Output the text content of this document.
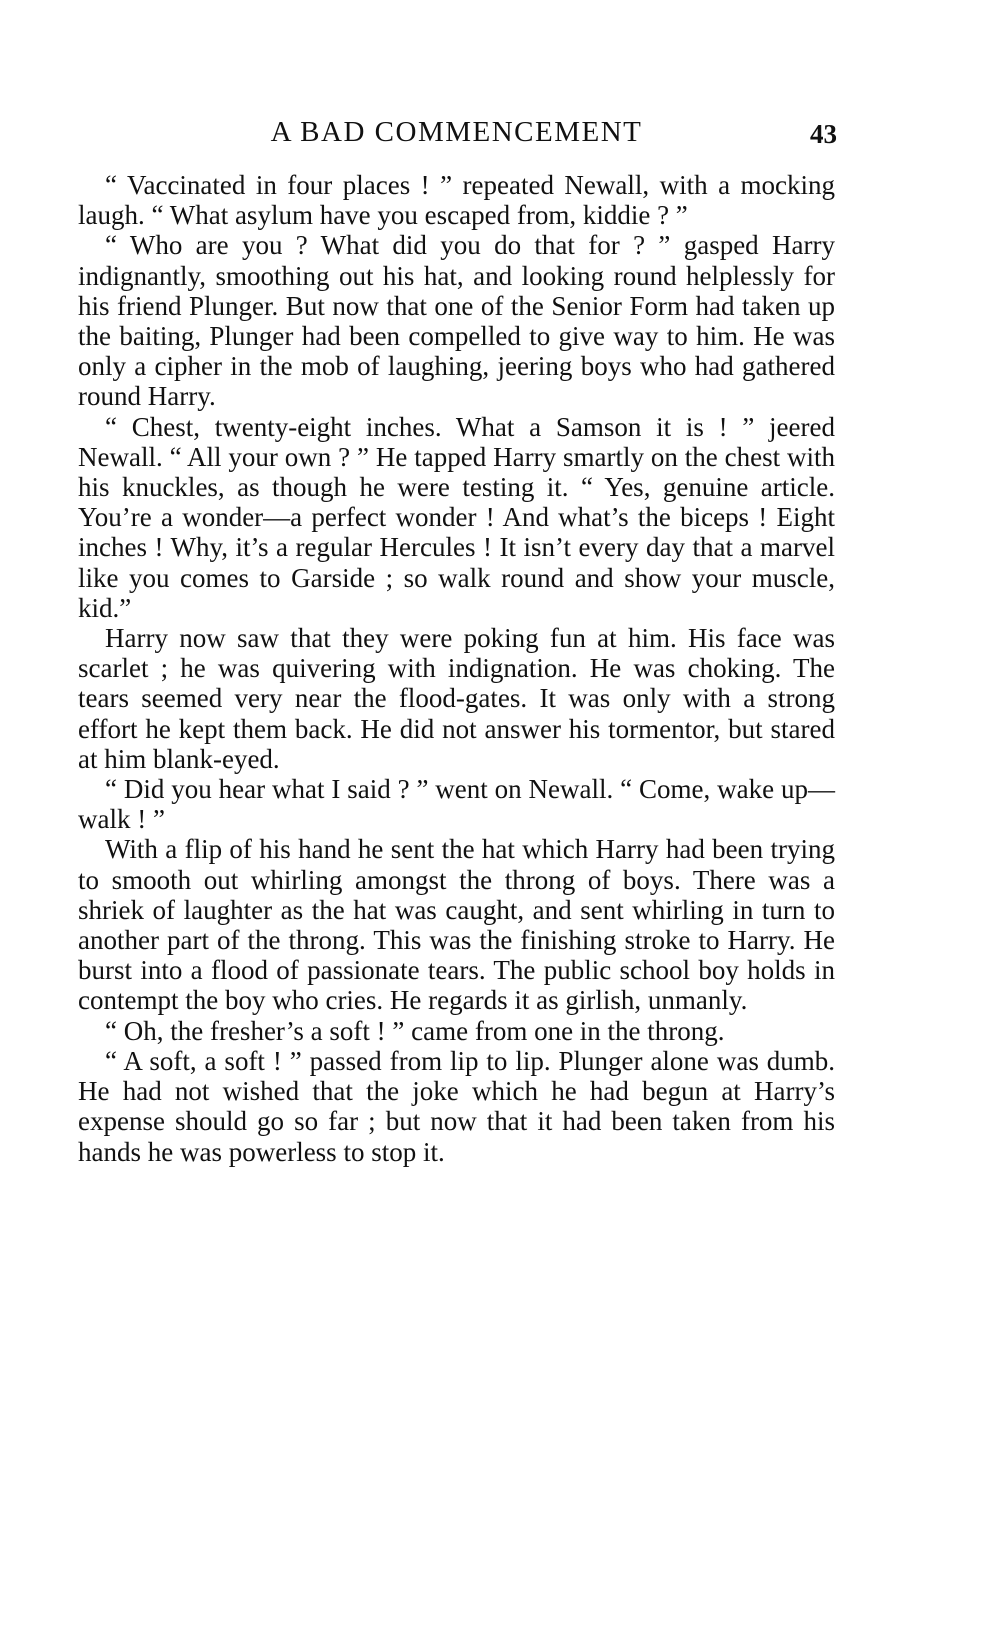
A BAD COMMENCEMENT	43

“ Vaccinated in four places ! ” repeated Newall, with a mocking laugh. “ What asylum have you escaped from, kiddie ? ”

“ Who are you ? What did you do that for ? ” gasped Harry indignantly, smoothing out his hat, and looking round helplessly for his friend Plunger. But now that one of the Senior Form had taken up the baiting, Plunger had been compelled to give way to him. He was only a cipher in the mob of laughing, jeering boys who had gathered round Harry.

“ Chest, twenty-eight inches. What a Samson it is ! ” jeered Newall. “ All your own ? ” He tapped Harry smartly on the chest with his knuckles, as though he were testing it. “ Yes, genuine article. You’re a wonder—a perfect wonder ! And what’s the biceps ! Eight inches ! Why, it’s a regular Hercules ! It isn’t every day that a marvel like you comes to Garside ; so walk round and show your muscle, kid.”

Harry now saw that they were poking fun at him. His face was scarlet ; he was quivering with indignation. He was choking. The tears seemed very near the flood-gates. It was only with a strong effort he kept them back. He did not answer his tormentor, but stared at him blank-eyed.

“ Did you hear what I said ? ” went on Newall. “ Come, wake up—walk ! ”

With a flip of his hand he sent the hat which Harry had been trying to smooth out whirling amongst the throng of boys. There was a shriek of laughter as the hat was caught, and sent whirling in turn to another part of the throng. This was the finishing stroke to Harry. He burst into a flood of passionate tears. The public school boy holds in contempt the boy who cries. He regards it as girlish, unmanly.

“ Oh, the fresher’s a soft ! ” came from one in the throng.

“ A soft, a soft ! ” passed from lip to lip. Plunger alone was dumb. He had not wished that the joke which he had begun at Harry’s expense should go so far ; but now that it had been taken from his hands he was powerless to stop it.
